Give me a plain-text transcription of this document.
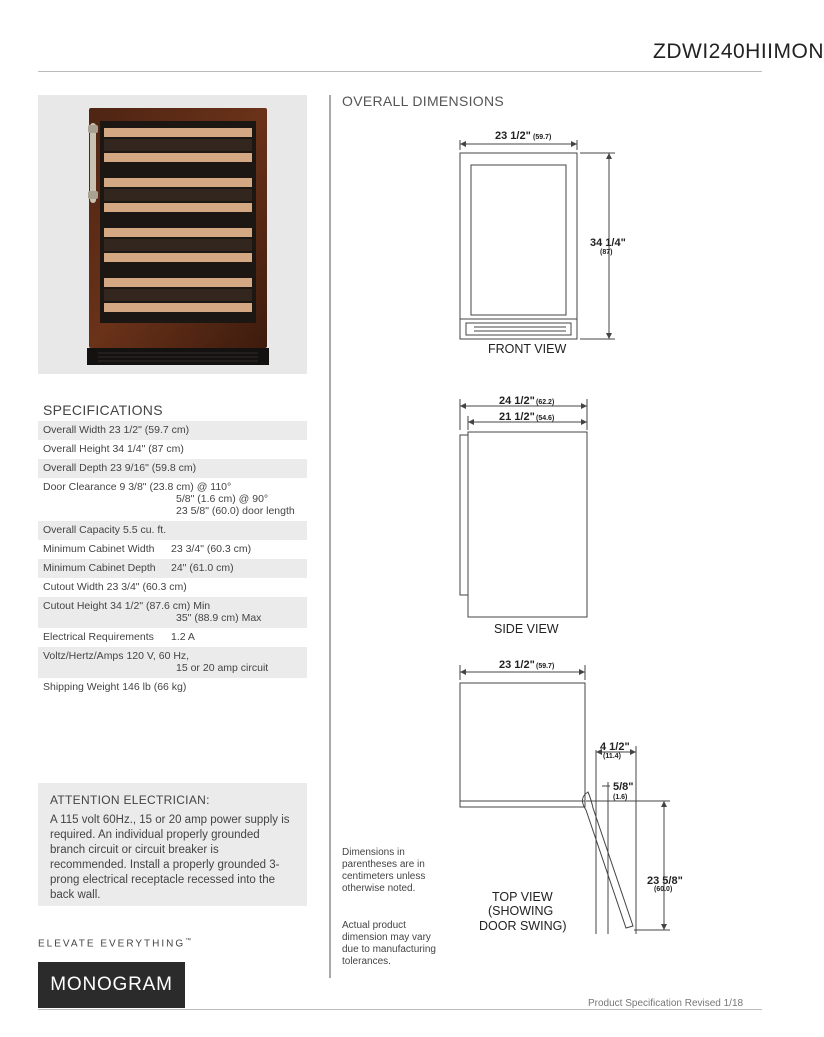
ZDWI240HIIMON
OVERALL DIMENSIONS
23 1/2" (59.7)
34 1/4"
(87)
24 1/2" (62.2)
21 1/2" (54.6)
23 1/2" (59.7)
4 1/2"
(11.4)
5/8"
(1.6)
23 5/8"
(60.0)
FRONT VIEW
SIDE VIEW
TOP VIEW
(SHOWING
DOOR SWING)
SPECIFICATIONS
Overall Width 23 1/2" (59.7 cm)
Overall Height 34 1/4" (87 cm)
Overall Depth 23 9/16" (59.8 cm)
Door Clearance 9 3/8" (23.8 cm) @ 110°
5/8" (1.6 cm) @ 90°
23 5/8" (60.0) door length
Overall Capacity 5.5 cu. ft.
Minimum Cabinet Width	23 3/4" (60.3 cm)
Minimum Cabinet Depth	24" (61.0 cm)
Cutout Width 23 3/4" (60.3 cm)
Cutout Height 34 1/2" (87.6 cm) Min
35" (88.9 cm) Max
Electrical Requirements	1.2 A
Voltz/Hertz/Amps 120 V, 60 Hz,
15 or 20 amp circuit
Shipping Weight 146 lb (66 kg)
ATTENTION ELECTRICIAN:
A 115 volt 60Hz., 15 or 20 amp power supply is required. An individual properly grounded branch circuit or circuit breaker is recommended. Install a properly grounded 3-prong electrical receptacle recessed into the back wall.
Dimensions in parentheses are in centimeters unless otherwise noted.
Actual product dimension may vary due to manufacturing tolerances.
ELEVATE EVERYTHING™
MONOGRAM
Product Specification Revised 1/18
